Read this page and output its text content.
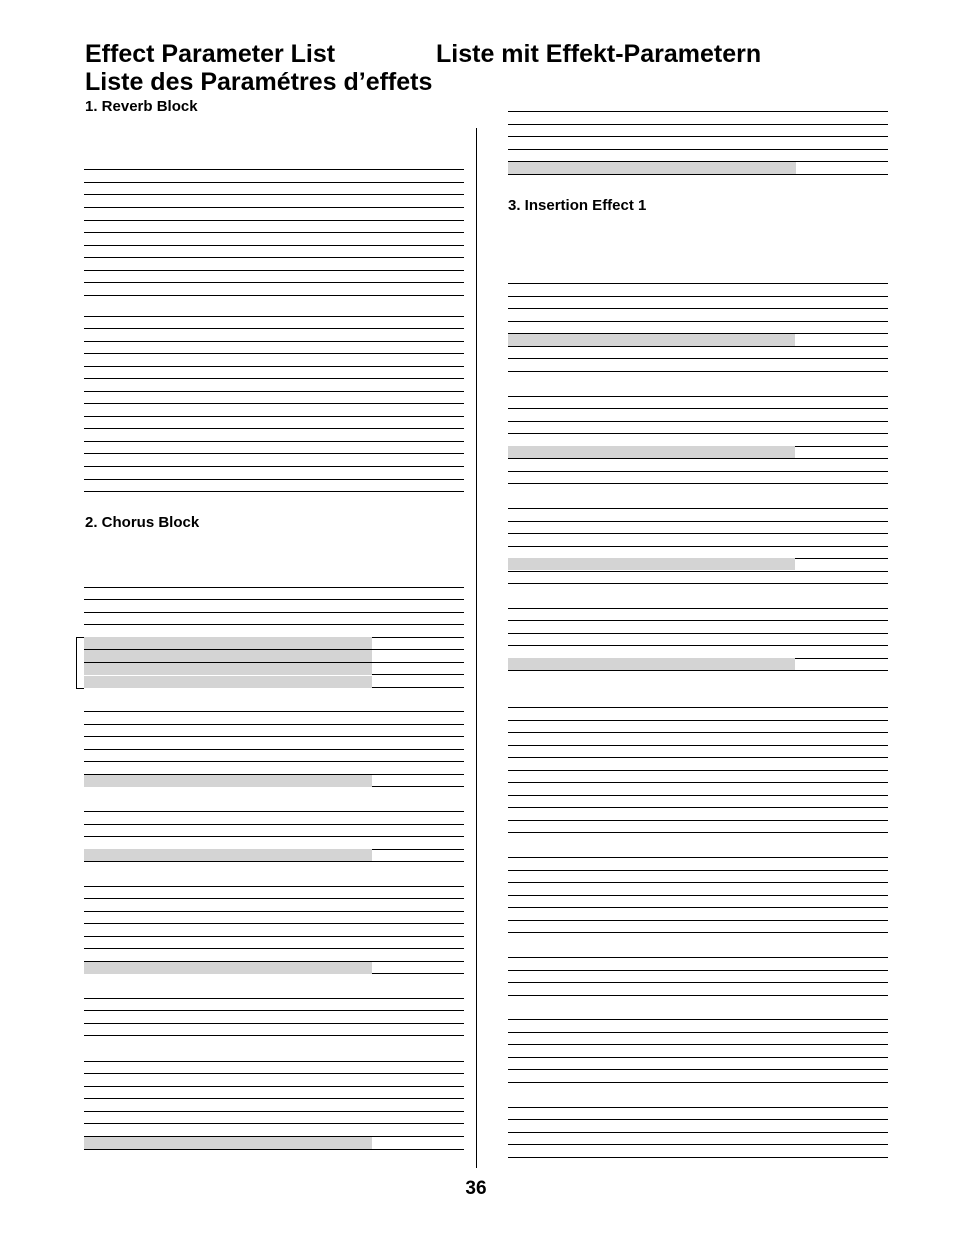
Effect Parameter List	Liste mit Effekt-Parametern
Liste des Paramétres d’effets
1. Reverb Block
2. Chorus Block
3. Insertion Effect 1

36
